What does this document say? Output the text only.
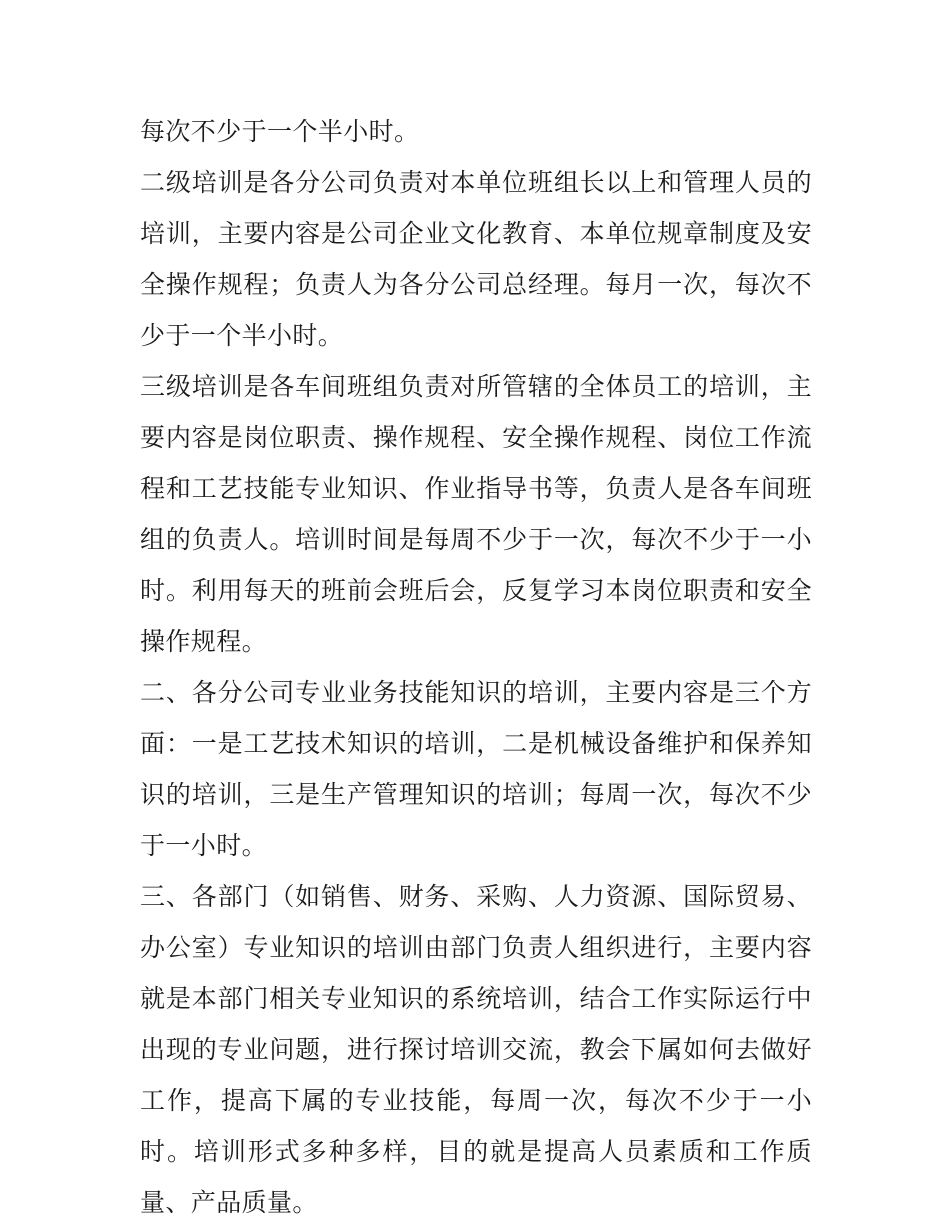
每次不少于一个半小时。

二级培训是各分公司负责对本单位班组长以上和管理人员的培训，主要内容是公司企业文化教育、本单位规章制度及安全操作规程；负责人为各分公司总经理。每月一次，每次不少于一个半小时。

三级培训是各车间班组负责对所管辖的全体员工的培训，主要内容是岗位职责、操作规程、安全操作规程、岗位工作流程和工艺技能专业知识、作业指导书等，负责人是各车间班组的负责人。培训时间是每周不少于一次，每次不少于一小时。利用每天的班前会班后会，反复学习本岗位职责和安全操作规程。

二、各分公司专业业务技能知识的培训，主要内容是三个方面：一是工艺技术知识的培训，二是机械设备维护和保养知识的培训，三是生产管理知识的培训；每周一次，每次不少于一小时。

三、各部门（如销售、财务、采购、人力资源、国际贸易、办公室）专业知识的培训由部门负责人组织进行，主要内容就是本部门相关专业知识的系统培训，结合工作实际运行中出现的专业问题，进行探讨培训交流，教会下属如何去做好工作，提高下属的专业技能，每周一次，每次不少于一小时。培训形式多种多样，目的就是提高人员素质和工作质量、产品质量。
